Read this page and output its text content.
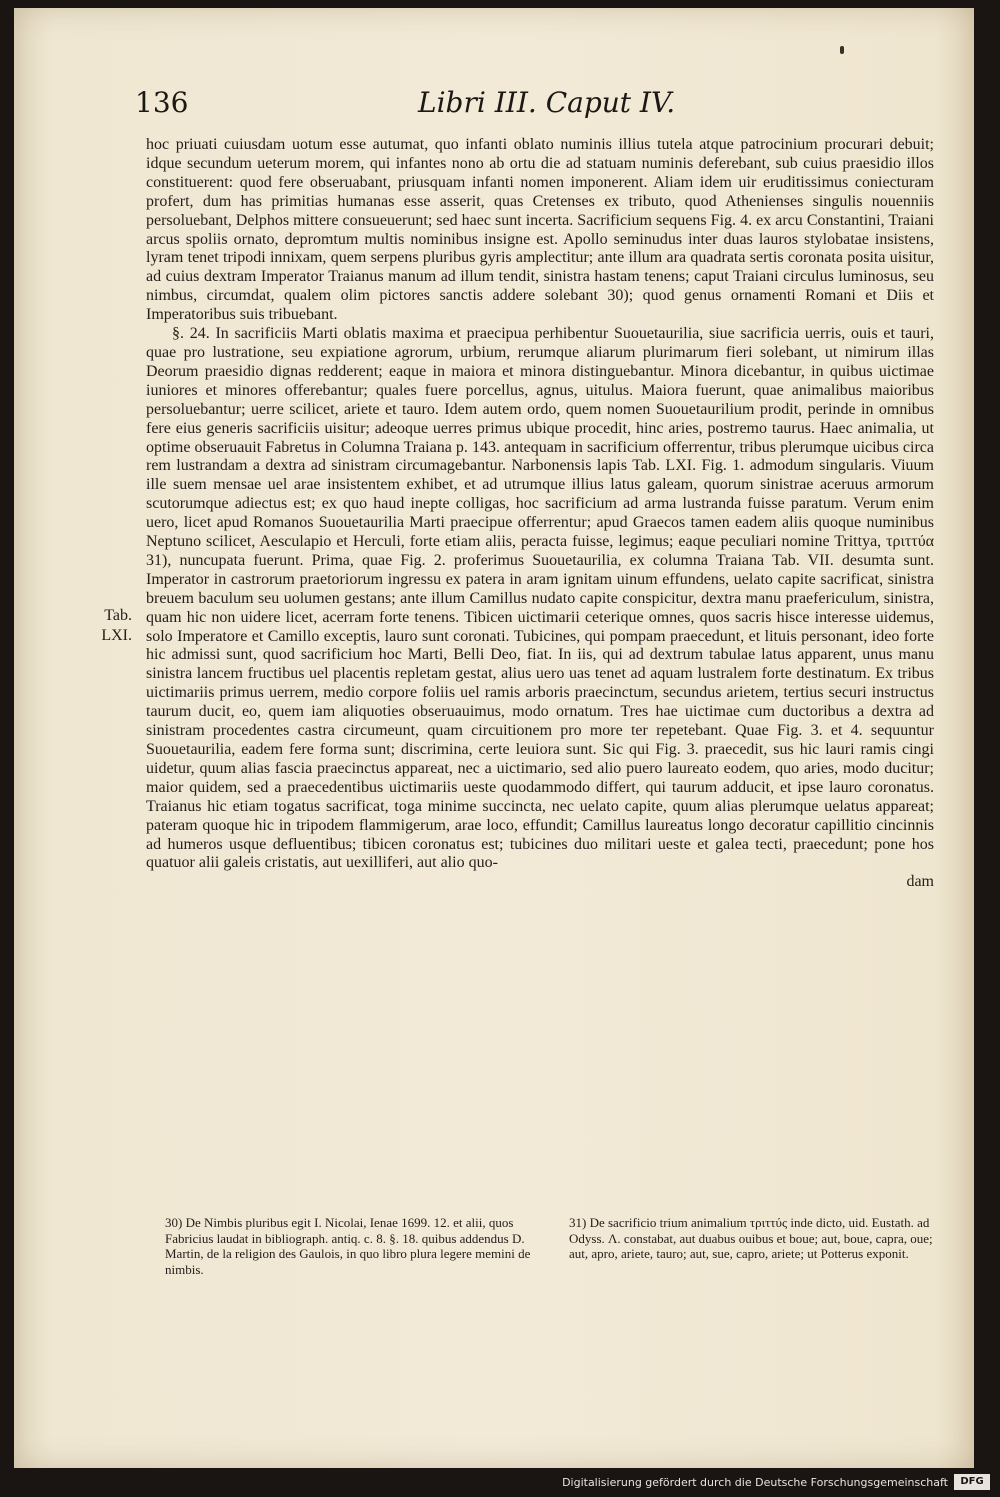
136	Libri III. Caput IV.
Tab.
LXI.

hoc priuati cuiusdam uotum esse autumat, quo infanti oblato numinis illius tutela atque patrocinium procurari debuit; idque secundum ueterum morem, qui infantes nono ab ortu die ad statuam numinis deferebant, sub cuius praesidio illos constituerent: quod fere obseruabant, priusquam infanti nomen imponerent. Aliam idem uir eruditissimus coniecturam profert, dum has primitias humanas esse asserit, quas Cretenses ex tributo, quod Athenienses singulis nouenniis persoluebant, Delphos mittere consueuerunt; sed haec sunt incerta. Sacrificium sequens Fig. 4. ex arcu Constantini, Traiani arcus spoliis ornato, depromtum multis nominibus insigne est. Apollo seminudus inter duas lauros stylobatae insistens, lyram tenet tripodi innixam, quem serpens pluribus gyris amplectitur; ante illum ara quadrata sertis coronata posita uisitur, ad cuius dextram Imperator Traianus manum ad illum tendit, sinistra hastam tenens; caput Traiani circulus luminosus, seu nimbus, circumdat, qualem olim pictores sanctis addere solebant 30); quod genus ornamenti Romani et Diis et Imperatoribus suis tribuebant.

§. 24. In sacrificiis Marti oblatis maxima et praecipua perhibentur Suouetaurilia, siue sacrificia uerris, ouis et tauri, quae pro lustratione, seu expiatione agrorum, urbium, rerumque aliarum plurimarum fieri solebant, ut nimirum illas Deorum praesidio dignas redderent; eaque in maiora et minora distinguebantur. Minora dicebantur, in quibus uictimae iuniores et minores offerebantur; quales fuere porcellus, agnus, uitulus. Maiora fuerunt, quae animalibus maioribus persoluebantur; uerre scilicet, ariete et tauro. Idem autem ordo, quem nomen Suouetaurilium prodit, perinde in omnibus fere eius generis sacrificiis uisitur; adeoque uerres primus ubique procedit, hinc aries, postremo taurus. Haec animalia, ut optime obseruauit Fabretus in Columna Traiana p. 143. antequam in sacrificium offerrentur, tribus plerumque uicibus circa rem lustrandam a dextra ad sinistram circumagebantur. Narbonensis lapis Tab. LXI. Fig. 1. admodum singularis. Viuum ille suem mensae uel arae insistentem exhibet, et ad utrumque illius latus galeam, quorum sinistrae aceruus armorum scutorumque adiectus est; ex quo haud inepte colligas, hoc sacrificium ad arma lustranda fuisse paratum. Verum enim uero, licet apud Romanos Suouetaurilia Marti praecipue offerrentur; apud Graecos tamen eadem aliis quoque numinibus Neptuno scilicet, Aesculapio et Herculi, forte etiam aliis, peracta fuisse, legimus; eaque peculiari nomine Trittya, τριττύα 31), nuncupata fuerunt. Prima, quae Fig. 2. proferimus Suouetaurilia, ex columna Traiana Tab. VII. desumta sunt. Imperator in castrorum praetoriorum ingressu ex patera in aram ignitam uinum effundens, uelato capite sacrificat, sinistra breuem baculum seu uolumen gestans; ante illum Camillus nudato capite conspicitur, dextra manu praefericulum, sinistra, quam hic non uidere licet, acerram forte tenens. Tibicen uictimarii ceterique omnes, quos sacris hisce interesse uidemus, solo Imperatore et Camillo exceptis, lauro sunt coronati. Tubicines, qui pompam praecedunt, et lituis personant, ideo forte hic admissi sunt, quod sacrificium hoc Marti, Belli Deo, fiat. In iis, qui ad dextrum tabulae latus apparent, unus manu sinistra lancem fructibus uel placentis repletam gestat, alius uero uas tenet ad aquam lustralem forte destinatum. Ex tribus uictimariis primus uerrem, medio corpore foliis uel ramis arboris praecinctum, secundus arietem, tertius securi instructus taurum ducit, eo, quem iam aliquoties obseruauimus, modo ornatum. Tres hae uictimae cum ductoribus a dextra ad sinistram procedentes castra circumeunt, quam circuitionem pro more ter repetebant. Quae Fig. 3. et 4. sequuntur Suouetaurilia, eadem fere forma sunt; discrimina, certe leuiora sunt. Sic qui Fig. 3. praecedit, sus hic lauri ramis cingi uidetur, quum alias fascia praecinctus appareat, nec a uictimario, sed alio puero laureato eodem, quo aries, modo ducitur; maior quidem, sed a praecedentibus uictimariis ueste quodammodo differt, qui taurum adducit, et ipse lauro coronatus. Traianus hic etiam togatus sacrificat, toga minime succincta, nec uelato capite, quum alias plerumque uelatus appareat; pateram quoque hic in tripodem flammigerum, arae loco, effundit; Camillus laureatus longo decoratur capillitio cincinnis ad humeros usque defluentibus; tibicen coronatus est; tubicines duo militari ueste et galea tecti, praecedunt; pone hos quatuor alii galeis cristatis, aut uexilliferi, aut alio quo-

dam
30) De Nimbis pluribus egit I. Nicolai, Ienae 1699. 12. et alii, quos Fabricius laudat in bibliograph. antiq. c. 8. §. 18. quibus addendus D. Martin, de la religion des Gaulois, in quo libro plura legere memini de nimbis.
31) De sacrificio trium animalium τριττύς inde dicto, uid. Eustath. ad Odyss. Λ. constabat, aut duabus ouibus et boue; aut, boue, capra, oue; aut, apro, ariete, tauro; aut, sue, capro, ariete; ut Potterus exponit.
Digitalisierung gefördert durch die Deutsche Forschungsgemeinschaft	DFG
